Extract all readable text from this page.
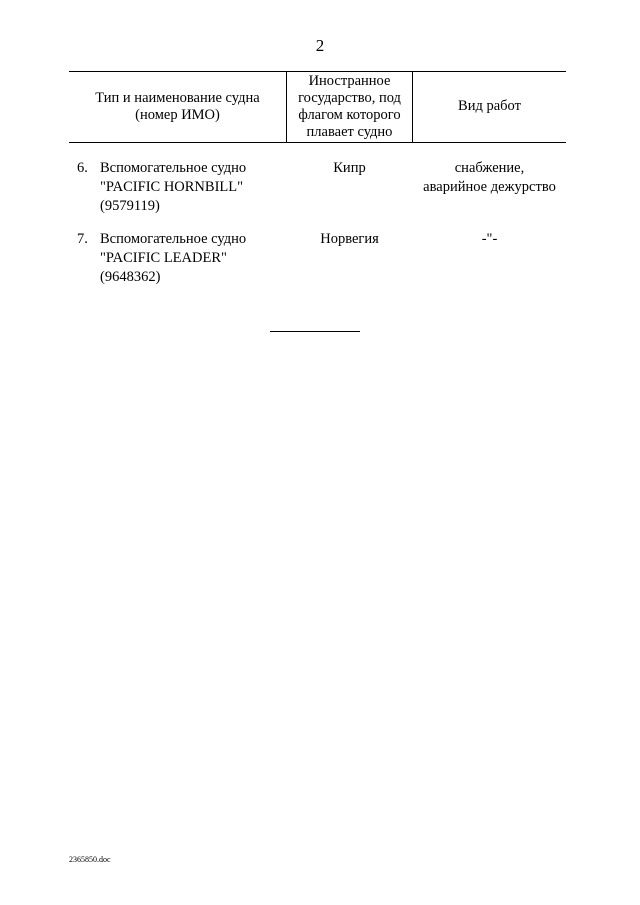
2
Тип и наименование судна
(номер ИМО)
Иностранное
государство, под
флагом которого
плавает судно
Вид работ
6. Вспомогательное судно
"PACIFIC HORNBILL"
(9579119)
Кипр	снабжение,
аварийное дежурство
7. Вспомогательное судно
"PACIFIC LEADER"
(9648362)
Норвегия	-"-
2365850.doc
